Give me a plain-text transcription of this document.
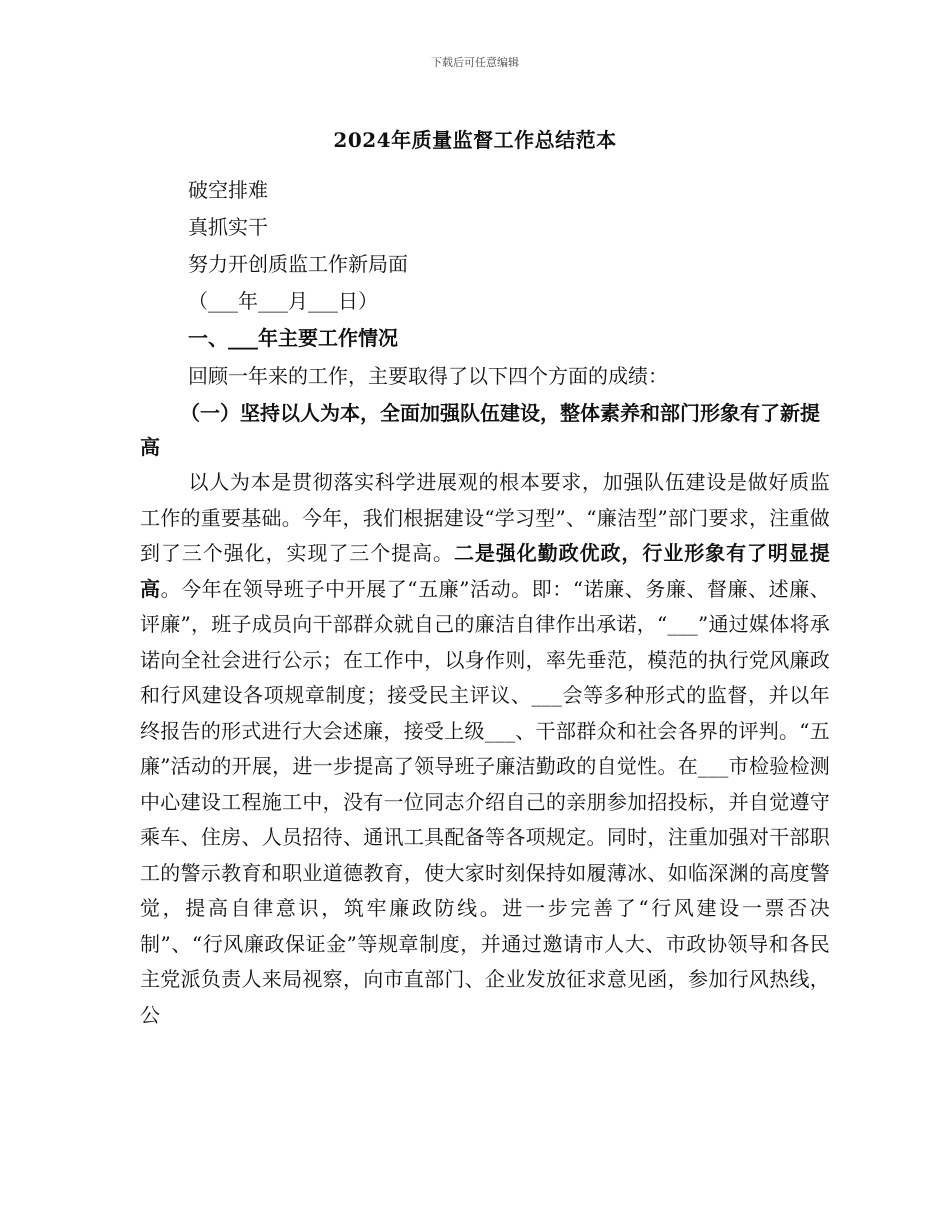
下载后可任意编辑
2024年质量监督工作总结范本
破空排难
真抓实干
努力开创质监工作新局面
（___年___月___日）
一、___年主要工作情况
回顾一年来的工作，主要取得了以下四个方面的成绩：
（一）坚持以人为本，全面加强队伍建设，整体素养和部门形象有了新提高
以人为本是贯彻落实科学进展观的根本要求，加强队伍建设是做好质监工作的重要基础。今年，我们根据建设“学习型”、“廉洁型”部门要求，注重做到了三个强化，实现了三个提高。二是强化勤政优政，行业形象有了明显提高。今年在领导班子中开展了“五廉”活动。即：“诺廉、务廉、督廉、述廉、评廉”，班子成员向干部群众就自己的廉洁自律作出承诺，“___”通过媒体将承诺向全社会进行公示；在工作中，以身作则，率先垂范，模范的执行党风廉政和行风建设各项规章制度；接受民主评议、___会等多种形式的监督，并以年终报告的形式进行大会述廉，接受上级___、干部群众和社会各界的评判。“五廉”活动的开展，进一步提高了领导班子廉洁勤政的自觉性。在___市检验检测中心建设工程施工中，没有一位同志介绍自己的亲朋参加招投标，并自觉遵守乘车、住房、人员招待、通讯工具配备等各项规定。同时，注重加强对干部职工的警示教育和职业道德教育，使大家时刻保持如履薄冰、如临深渊的高度警觉，提高自律意识，筑牢廉政防线。进一步完善了“行风建设一票否决制”、“行风廉政保证金”等规章制度，并通过邀请市人大、市政协领导和各民主党派负责人来局视察，向市直部门、企业发放征求意见函，参加行风热线，公
